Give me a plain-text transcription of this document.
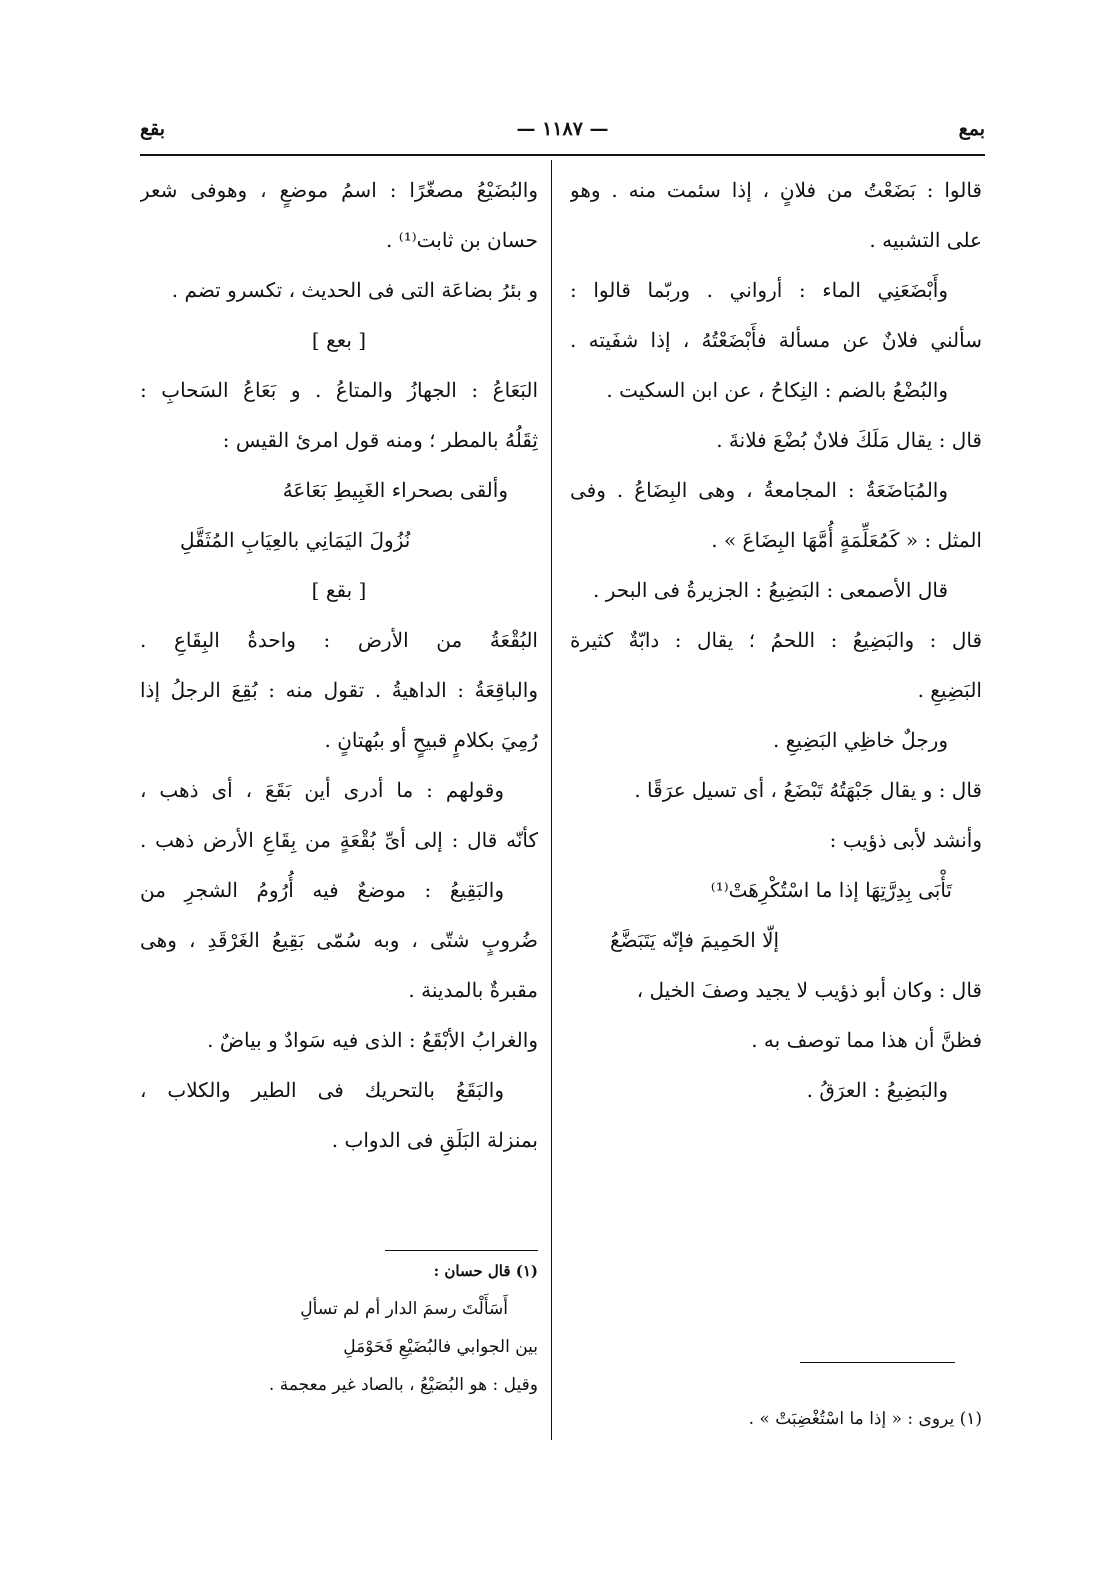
بمع
— ١١٨٧ —
بقع
قالوا : بَضَعْتُ من فلانٍ ، إذا سئمت منه . وهو
على التشبيه .
وأَبْضَعَنِي الماء : أرواني . وربّما قالوا :
سألني فلانٌ عن مسألة فأَبْضَعْتُهُ ، إذا شفَيته .
والبُضْعُ بالضم : النِكاحُ ، عن ابن السكيت .
قال : يقال مَلَكَ فلانٌ بُضْعَ فلانةَ .
والمُبَاضَعَةُ : المجامعةُ ، وهى البِضَاعُ . وفى
المثل : « كَمُعَلِّمَةٍ أُمَّهَا البِضَاعَ » .
قال الأصمعى : البَضِيعُ : الجزيرةُ فى البحر .
قال : والبَضِيعُ : اللحمُ ؛ يقال : دابّةٌ كثيرة
البَضِيعِ .
ورجلٌ خاظِي البَضِيعِ .
قال : و يقال جَبْهَتُهُ تَبْضَعُ ، أى تسيل عرَقًا .
وأنشد لأبى ذؤيب :
تَأْبَى بِدِرَّتِهَا إذا ما اسْتُكْرِهَتْ⁽¹⁾
إلّا الحَمِيمَ فإنّه يَتَبَضَّعُ
قال : وكان أبو ذؤيب لا يجيد وصفَ الخيل ،
فظنَّ أن هذا مما توصف به .
والبَضِيعُ : العرَقُ .
(١) يروى : « إذا ما اسْتُغْضِبَتْ » .
والبُضَيْعُ مصغّرًا : اسمُ موضعٍ ، وهوفى شعر
حسان بن ثابت⁽¹⁾ .
و بئرُ بضاعَة التى فى الحديث ، تكسرو تضم .
[ بعع ]
البَعَاعُ : الجهازُ والمتاعُ . و بَعَاعُ السَحابِ :
ثِقَلُهُ بالمطر ؛ ومنه قول امرئ القيس :
وألقى بصحراء الغَبِيطِ بَعَاعَهُ
نُزُولَ اليَمَانِي بالعِيَابِ المُثَقَّلِ
[ بقع ]
البُقْعَةُ من الأرض : واحدةُ البِقَاعِ .
والباقِعَةُ : الداهيةُ . تقول منه : بُقِعَ الرجلُ إذا
رُمِيَ بكلامٍ قبيحٍ أو ببُهتانٍ .
وقولهم : ما أدرى أين بَقَعَ ، أى ذهب ،
كأنّه قال : إلى أىِّ بُقْعَةٍ من بِقَاعِ الأرض ذهب .
والبَقِيعُ : موضعٌ فيه أُرُومُ الشجرِ من
ضُروبٍ شتّى ، وبه سُمّى بَقِيعُ الغَرْقَدِ ، وهى
مقبرةٌ بالمدينة .
والغرابُ الأبْقَعُ : الذى فيه سَوادٌ و بياضٌ .
والبَقَعُ بالتحريك فى الطير والكلاب ،
بمنزلة البَلَقِ فى الدواب .
(١) قال حسان :
أَسَأَلْتَ رسمَ الدار أم لم تسألِ
بين الجوابي فالبُضَيْعِ فَحَوْمَلِ
وقيل : هو البُصَيْعُ ، بالصاد غير معجمة .
